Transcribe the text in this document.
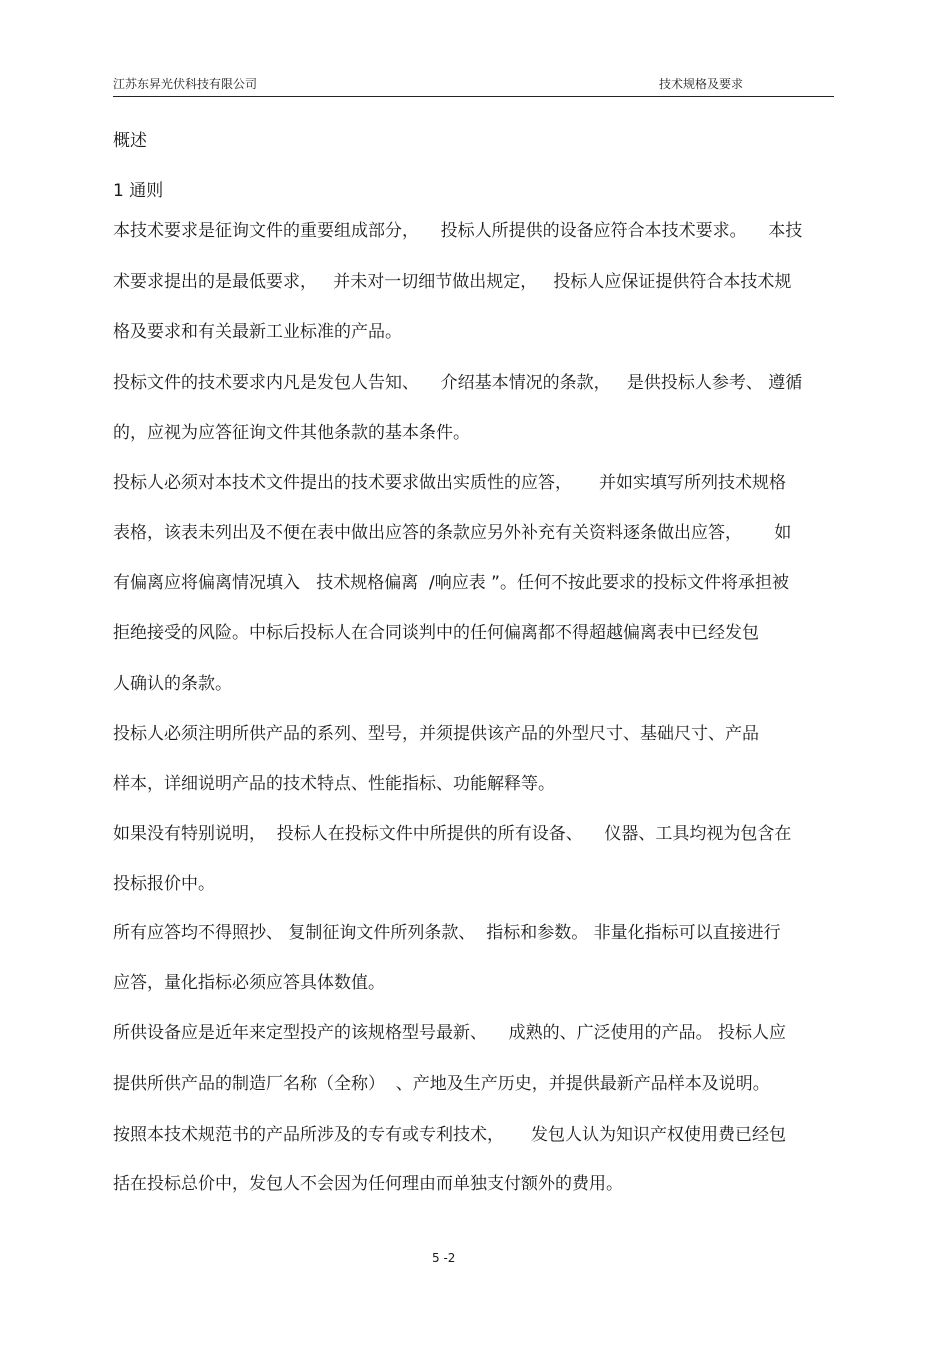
江苏东昇光伏科技有限公司	技术规格及要求
概述
1 通则
本技术要求是征询文件的重要组成部分，    投标人所提供的设备应符合本技术要求。    本技
术要求提出的是最低要求，   并未对一切细节做出规定，   投标人应保证提供符合本技术规
格及要求和有关最新工业标准的产品。
投标文件的技术要求内凡是发包人告知、    介绍基本情况的条款，   是供投标人参考、 遵循
的，应视为应答征询文件其他条款的基本条件。
投标人必须对本技术文件提出的技术要求做出实质性的应答，     并如实填写所列技术规格
表格，该表未列出及不便在表中做出应答的条款应另外补充有关资料逐条做出应答，      如
有偏离应将偏离情况填入   技术规格偏离  /响应表 ”。任何不按此要求的投标文件将承担被
拒绝接受的风险。中标后投标人在合同谈判中的任何偏离都不得超越偏离表中已经发包
人确认的条款。
投标人必须注明所供产品的系列、型号，并须提供该产品的外型尺寸、基础尺寸、产品
样本，详细说明产品的技术特点、性能指标、功能解释等。
如果没有特别说明，  投标人在投标文件中所提供的所有设备、    仪器、工具均视为包含在
投标报价中。
所有应答均不得照抄、 复制征询文件所列条款、  指标和参数。 非量化指标可以直接进行
应答，量化指标必须应答具体数值。
所供设备应是近年来定型投产的该规格型号最新、    成熟的、广泛使用的产品。 投标人应
提供所供产品的制造厂名称（全称）  、产地及生产历史，并提供最新产品样本及说明。
按照本技术规范书的产品所涉及的专有或专利技术，     发包人认为知识产权使用费已经包
括在投标总价中，发包人不会因为任何理由而单独支付额外的费用。
5 -2
